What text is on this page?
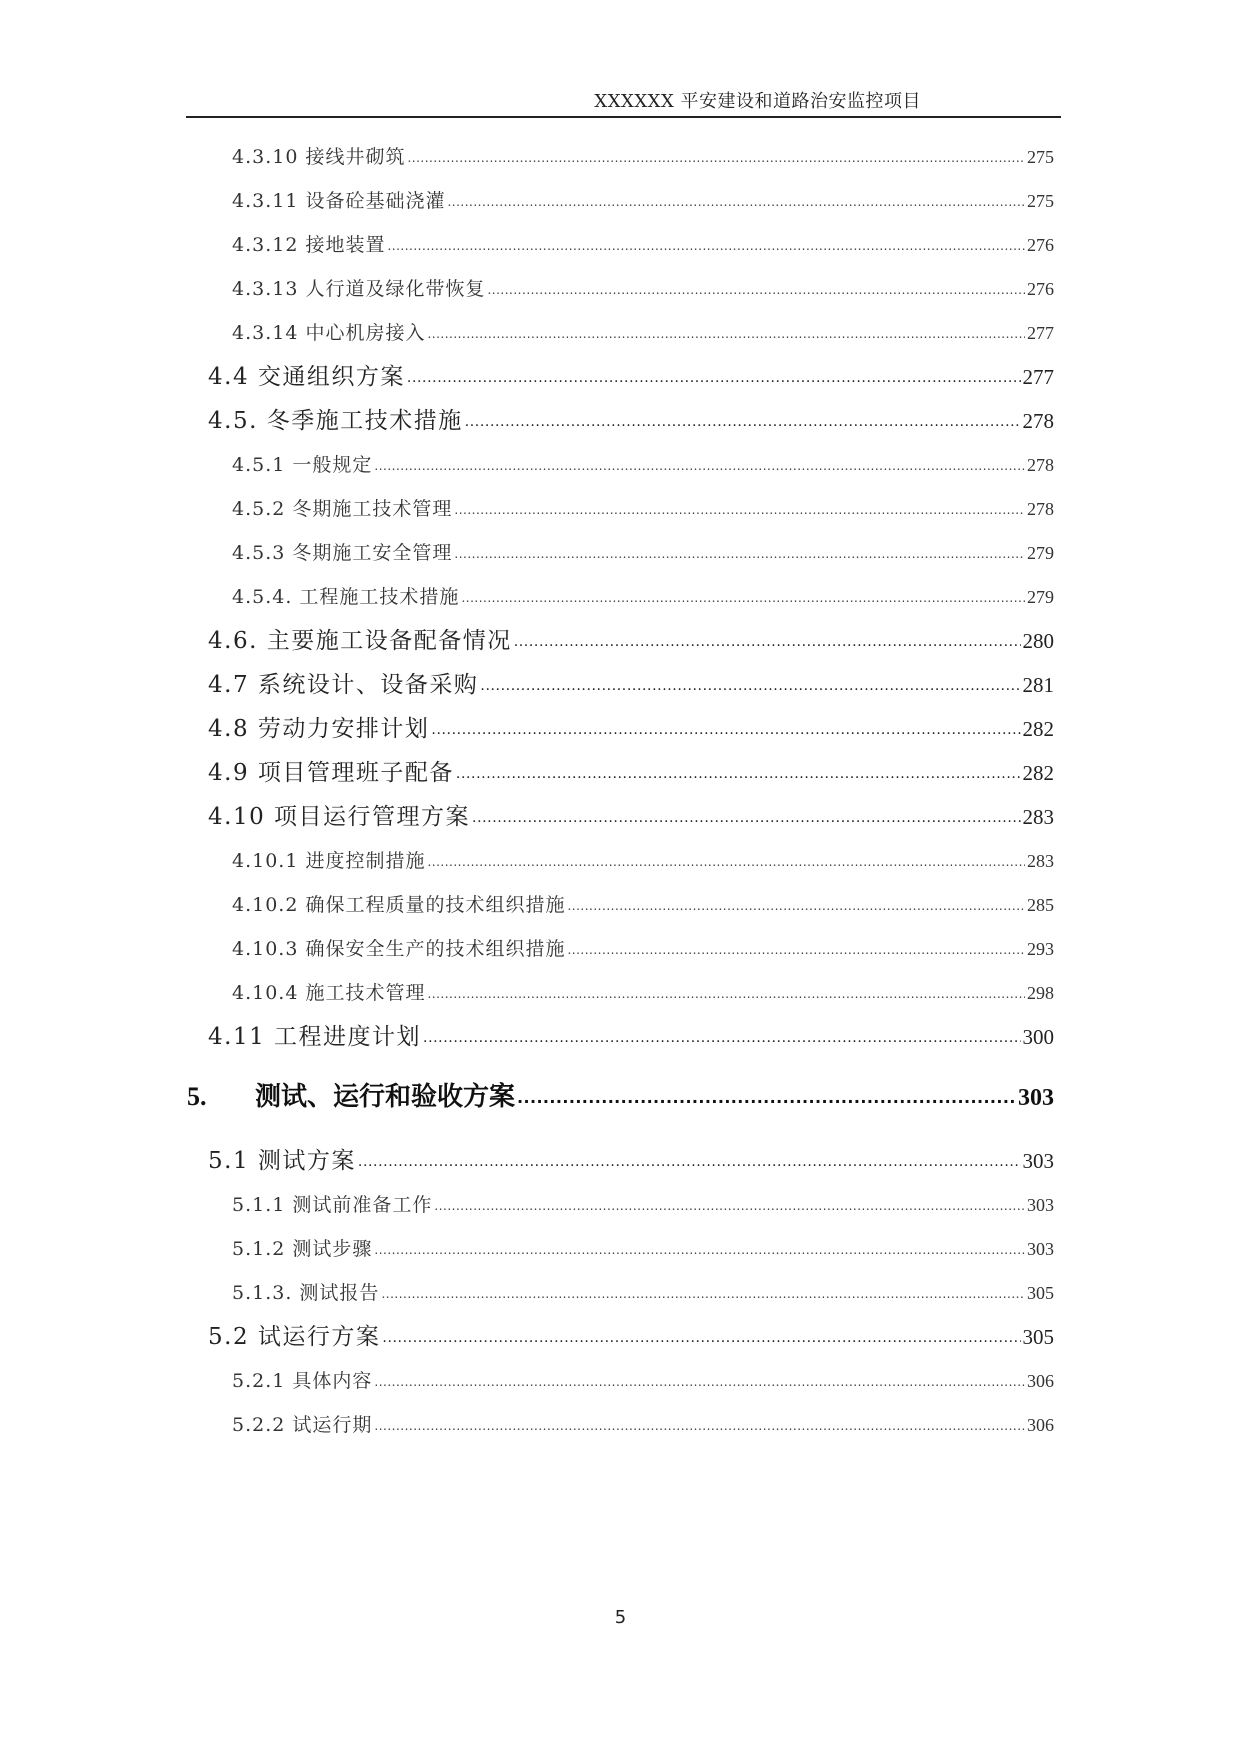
XXXXXX 平安建设和道路治安监控项目
4.3.10 接线井砌筑 .....	275
4.3.11 设备砼基础浇灌 .....	275
4.3.12 接地装置 .....	276
4.3.13 人行道及绿化带恢复 .....	276
4.3.14 中心机房接入 .....	277
4.4 交通组织方案 .....	277
4.5. 冬季施工技术措施 .....	278
4.5.1 一般规定 .....	278
4.5.2 冬期施工技术管理 .....	278
4.5.3 冬期施工安全管理 .....	279
4.5.4. 工程施工技术措施 .....	279
4.6. 主要施工设备配备情况 .....	280
4.7 系统设计、设备采购 .....	281
4.8 劳动力安排计划 .....	282
4.9 项目管理班子配备 .....	282
4.10 项目运行管理方案 .....	283
4.10.1 进度控制措施 .....	283
4.10.2 确保工程质量的技术组织措施 .....	285
4.10.3 确保安全生产的技术组织措施 .....	293
4.10.4 施工技术管理 .....	298
4.11 工程进度计划 .....	300
5. 测试、运行和验收方案 .....	303
5.1 测试方案 .....	303
5.1.1 测试前准备工作 .....	303
5.1.2 测试步骤 .....	303
5.1.3. 测试报告 .....	305
5.2 试运行方案 .....	305
5.2.1 具体内容 .....	306
5.2.2 试运行期 .....	306
5
